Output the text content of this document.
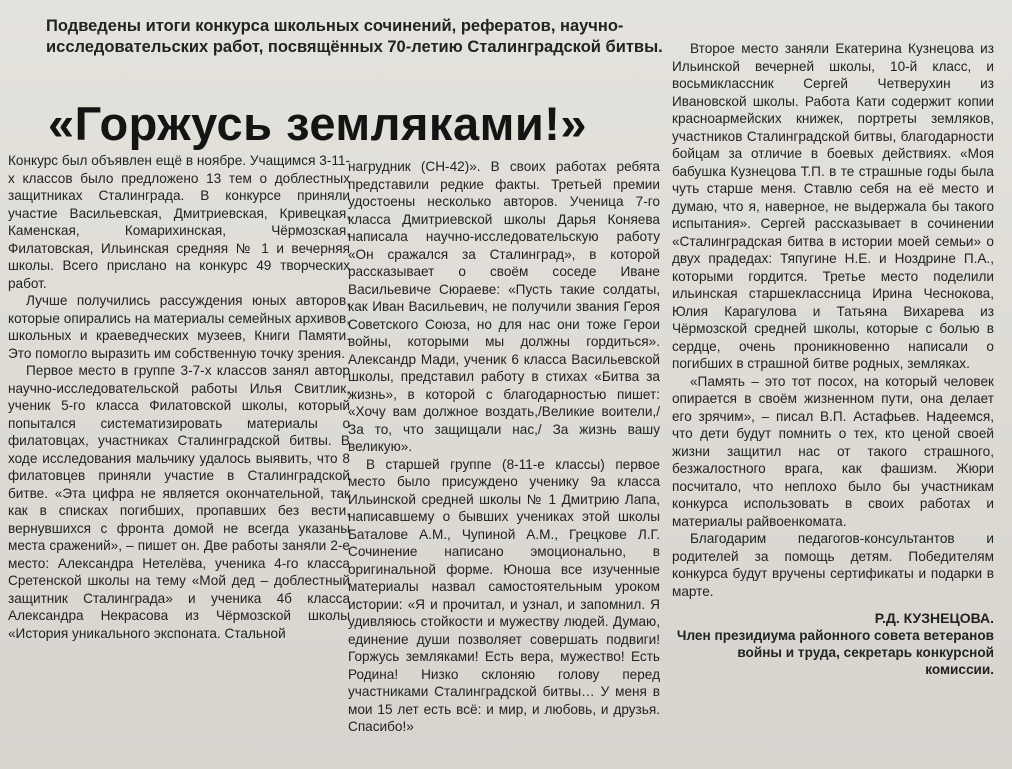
Подведены итоги конкурса школьных сочинений, рефератов, научно-исследовательских работ, посвящённых 70-летию Сталинградской битвы.
«Горжусь земляками!»

Конкурс был объявлен ещё в ноябре. Учащимся 3-11-х классов было предложено 13 тем о доблестных защитниках Сталинграда. В конкурсе приняли участие Васильевская, Дмитриевская, Кривецкая, Каменская, Комарихинская, Чёрмозская, Филатовская, Ильинская средняя № 1 и вечерняя школы. Всего прислано на конкурс 49 творческих работ.

Лучше получились рассуждения юных авторов, которые опирались на материалы семейных архивов, школьных и краеведческих музеев, Книги Памяти. Это помогло выразить им собственную точку зрения.

Первое место в группе 3-7-х классов занял автор научно-исследовательской работы Илья Свитлик, ученик 5-го класса Филатовской школы, который попытался систематизировать материалы о филатовцах, участниках Сталинградской битвы. В ходе исследования мальчику удалось выявить, что 8 филатовцев приняли участие в Сталинградской битве. «Эта цифра не является окончательной, так как в списках погибших, пропавших без вести, вернувшихся с фронта домой не всегда указаны места сражений», – пишет он. Две работы заняли 2-е место: Александра Нетелёва, ученика 4-го класса Сретенской школы на тему «Мой дед – доблестный защитник Сталинграда» и ученика 4б класса Александра Некрасова из Чёрмозской школы «История уникального экспоната. Стальной

нагрудник (СН-42)». В своих работах ребята представили редкие факты. Третьей премии удостоены несколько авторов. Ученица 7-го класса Дмитриевской школы Дарья Коняева написала научно-исследовательскую работу «Он сражался за Сталинград», в которой рассказывает о своём соседе Иване Васильевиче Сюраеве: «Пусть такие солдаты, как Иван Васильевич, не получили звания Героя Советского Союза, но для нас они тоже Герои войны, которыми мы должны гордиться». Александр Мади, ученик 6 класса Васильевской школы, представил работу в стихах «Битва за жизнь», в которой с благодарностью пишет: «Хочу вам должное воздать,/Великие воители,/ За то, что защищали нас,/ За жизнь вашу великую».

В старшей группе (8-11-е классы) первое место было присуждено ученику 9а класса Ильинской средней школы № 1 Дмитрию Лапа, написавшему о бывших учениках этой школы Баталове А.М., Чупиной А.М., Грецкове Л.Г. Сочинение написано эмоционально, в оригинальной форме. Юноша все изученные материалы назвал самостоятельным уроком истории: «Я и прочитал, и узнал, и запомнил. Я удивляюсь стойкости и мужеству людей. Думаю, единение души позволяет совершать подвиги! Горжусь земляками! Есть вера, мужество! Есть Родина! Низко склоняю голову перед участниками Сталинградской битвы… У меня в мои 15 лет есть всё: и мир, и любовь, и друзья. Спасибо!»

Второе место заняли Екатерина Кузнецова из Ильинской вечерней школы, 10-й класс, и восьмиклассник Сергей Четверухин из Ивановской школы. Работа Кати содержит копии красноармейских книжек, портреты земляков, участников Сталинградской битвы, благодарности бойцам за отличие в боевых действиях. «Моя бабушка Кузнецова Т.П. в те страшные годы была чуть старше меня. Ставлю себя на её место и думаю, что я, наверное, не выдержала бы такого испытания». Сергей рассказывает в сочинении «Сталинградская битва в истории моей семьи» о двух прадедах: Тяпугине Н.Е. и Ноздрине П.А., которыми гордится. Третье место поделили ильинская старшеклассница Ирина Чеснокова, Юлия Карагулова и Татьяна Вихарева из Чёрмозской средней школы, которые с болью в сердце, очень проникновенно написали о погибших в страшной битве родных, земляках.

«Память – это тот посох, на который человек опирается в своём жизненном пути, она делает его зрячим», – писал В.П. Астафьев. Надеемся, что дети будут помнить о тех, кто ценой своей жизни защитил нас от такого страшного, безжалостного врага, как фашизм. Жюри посчитало, что неплохо было бы участникам конкурса использовать в своих работах и материалы райвоенкомата.

Благодарим педагогов-консультантов и родителей за помощь детям. Победителям конкурса будут вручены сертификаты и подарки в марте.

Р.Д. КУЗНЕЦОВА.
Член президиума районного совета ветеранов войны и труда, секретарь конкурсной комиссии.
